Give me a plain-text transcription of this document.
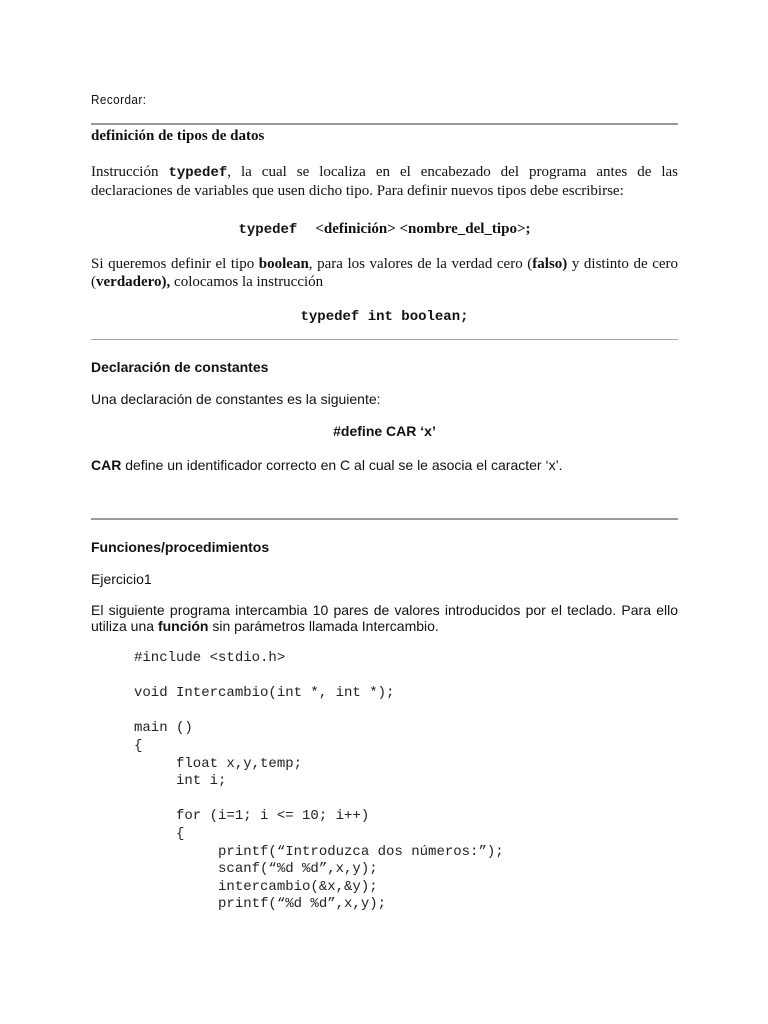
Recordar:
definición de tipos de datos
Instrucción typedef, la cual se localiza en el encabezado del programa antes de las
declaraciones de variables que usen dicho tipo. Para definir nuevos tipos debe escribirse:
typedef <definición> <nombre_del_tipo>;
Si queremos definir el tipo boolean, para los valores de la verdad cero (falso) y distinto de cero
(verdadero), colocamos la instrucción
typedef int boolean;
Declaración de constantes
Una declaración de constantes es la siguiente:
#define CAR ‘x’
CAR define un identificador correcto en C al cual se le asocia el caracter ‘x’.
Funciones/procedimientos
Ejercicio1
El siguiente programa intercambia 10 pares de valores introducidos por el teclado. Para ello
utiliza una función sin parámetros llamada Intercambio.
#include <stdio.h>
void Intercambio(int *, int *);
main ()
{
float x,y,temp;
int i;
for (i=1; i <= 10; i++)
{
printf(“Introduzca dos números:”);
scanf(“%d %d”,x,y);
intercambio(&x,&y);
printf(“%d %d”,x,y);
